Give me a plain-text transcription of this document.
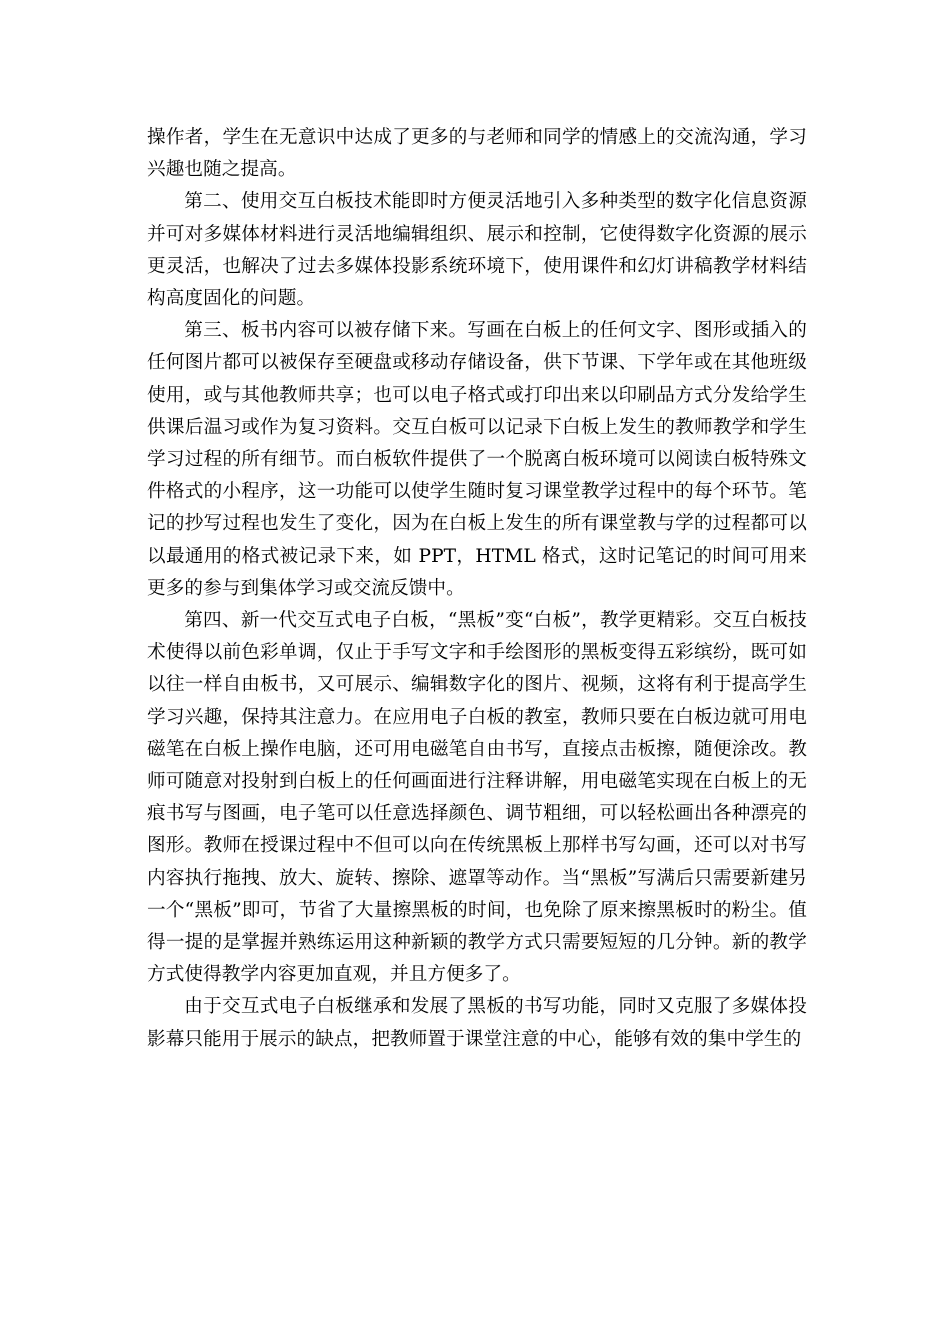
操作者，学生在无意识中达成了更多的与老师和同学的情感上的交流沟通，学习兴趣也随之提高。

第二、使用交互白板技术能即时方便灵活地引入多种类型的数字化信息资源并可对多媒体材料进行灵活地编辑组织、展示和控制，它使得数字化资源的展示更灵活，也解决了过去多媒体投影系统环境下，使用课件和幻灯讲稿教学材料结构高度固化的问题。

第三、板书内容可以被存储下来。写画在白板上的任何文字、图形或插入的任何图片都可以被保存至硬盘或移动存储设备，供下节课、下学年或在其他班级使用，或与其他教师共享；也可以电子格式或打印出来以印刷品方式分发给学生供课后温习或作为复习资料。交互白板可以记录下白板上发生的教师教学和学生学习过程的所有细节。而白板软件提供了一个脱离白板环境可以阅读白板特殊文件格式的小程序，这一功能可以使学生随时复习课堂教学过程中的每个环节。笔记的抄写过程也发生了变化，因为在白板上发生的所有课堂教与学的过程都可以以最通用的格式被记录下来，如 PPT，HTML 格式，这时记笔记的时间可用来更多的参与到集体学习或交流反馈中。

第四、新一代交互式电子白板，“黑板”变“白板”，教学更精彩。交互白板技术使得以前色彩单调，仅止于手写文字和手绘图形的黑板变得五彩缤纷，既可如以往一样自由板书，又可展示、编辑数字化的图片、视频，这将有利于提高学生学习兴趣，保持其注意力。在应用电子白板的教室，教师只要在白板边就可用电磁笔在白板上操作电脑，还可用电磁笔自由书写，直接点击板擦，随便涂改。教师可随意对投射到白板上的任何画面进行注释讲解，用电磁笔实现在白板上的无痕书写与图画，电子笔可以任意选择颜色、调节粗细，可以轻松画出各种漂亮的图形。教师在授课过程中不但可以向在传统黑板上那样书写勾画，还可以对书写内容执行拖拽、放大、旋转、擦除、遮罩等动作。当“黑板”写满后只需要新建另一个“黑板”即可，节省了大量擦黑板的时间，也免除了原来擦黑板时的粉尘。值得一提的是掌握并熟练运用这种新颖的教学方式只需要短短的几分钟。新的教学方式使得教学内容更加直观，并且方便多了。

由于交互式电子白板继承和发展了黑板的书写功能，同时又克服了多媒体投影幕只能用于展示的缺点，把教师置于课堂注意的中心，能够有效的集中学生的
